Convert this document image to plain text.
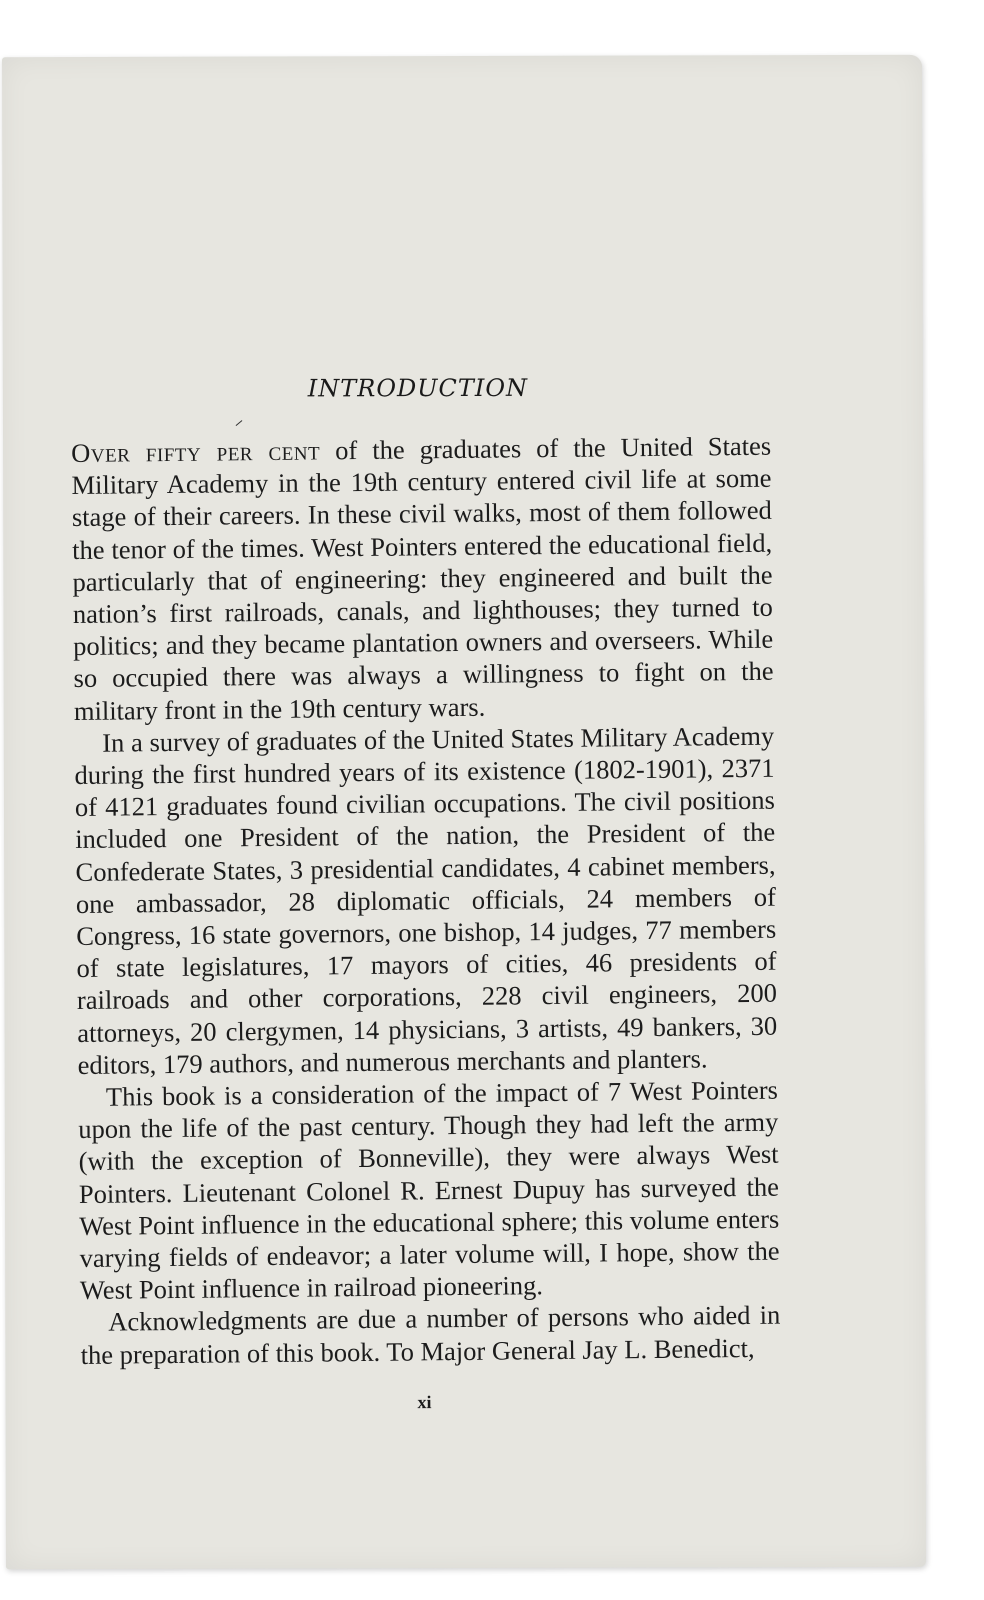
INTRODUCTION

Over fifty per cent of the graduates of the United States Military Academy in the 19th century entered civil life at some stage of their careers. In these civil walks, most of them followed the tenor of the times. West Pointers entered the educational field, particularly that of engineering: they engineered and built the nation’s first railroads, canals, and lighthouses; they turned to politics; and they became plantation owners and overseers. While so occupied there was always a willingness to fight on the military front in the 19th century wars.

In a survey of graduates of the United States Military Academy during the first hundred years of its existence (1802-1901), 2371 of 4121 graduates found civilian occupations. The civil positions included one President of the nation, the President of the Confederate States, 3 presidential candidates, 4 cabinet members, one ambassador, 28 diplomatic officials, 24 members of Congress, 16 state governors, one bishop, 14 judges, 77 members of state legislatures, 17 mayors of cities, 46 presidents of railroads and other corporations, 228 civil engineers, 200 attorneys, 20 clergymen, 14 physicians, 3 artists, 49 bankers, 30 editors, 179 authors, and numerous merchants and planters.

This book is a consideration of the impact of 7 West Pointers upon the life of the past century. Though they had left the army (with the exception of Bonneville), they were always West Pointers. Lieutenant Colonel R. Ernest Dupuy has surveyed the West Point influence in the educational sphere; this volume enters varying fields of endeavor; a later volume will, I hope, show the West Point influence in railroad pioneering.

Acknowledgments are due a number of persons who aided in the preparation of this book. To Major General Jay L. Benedict,

xi
